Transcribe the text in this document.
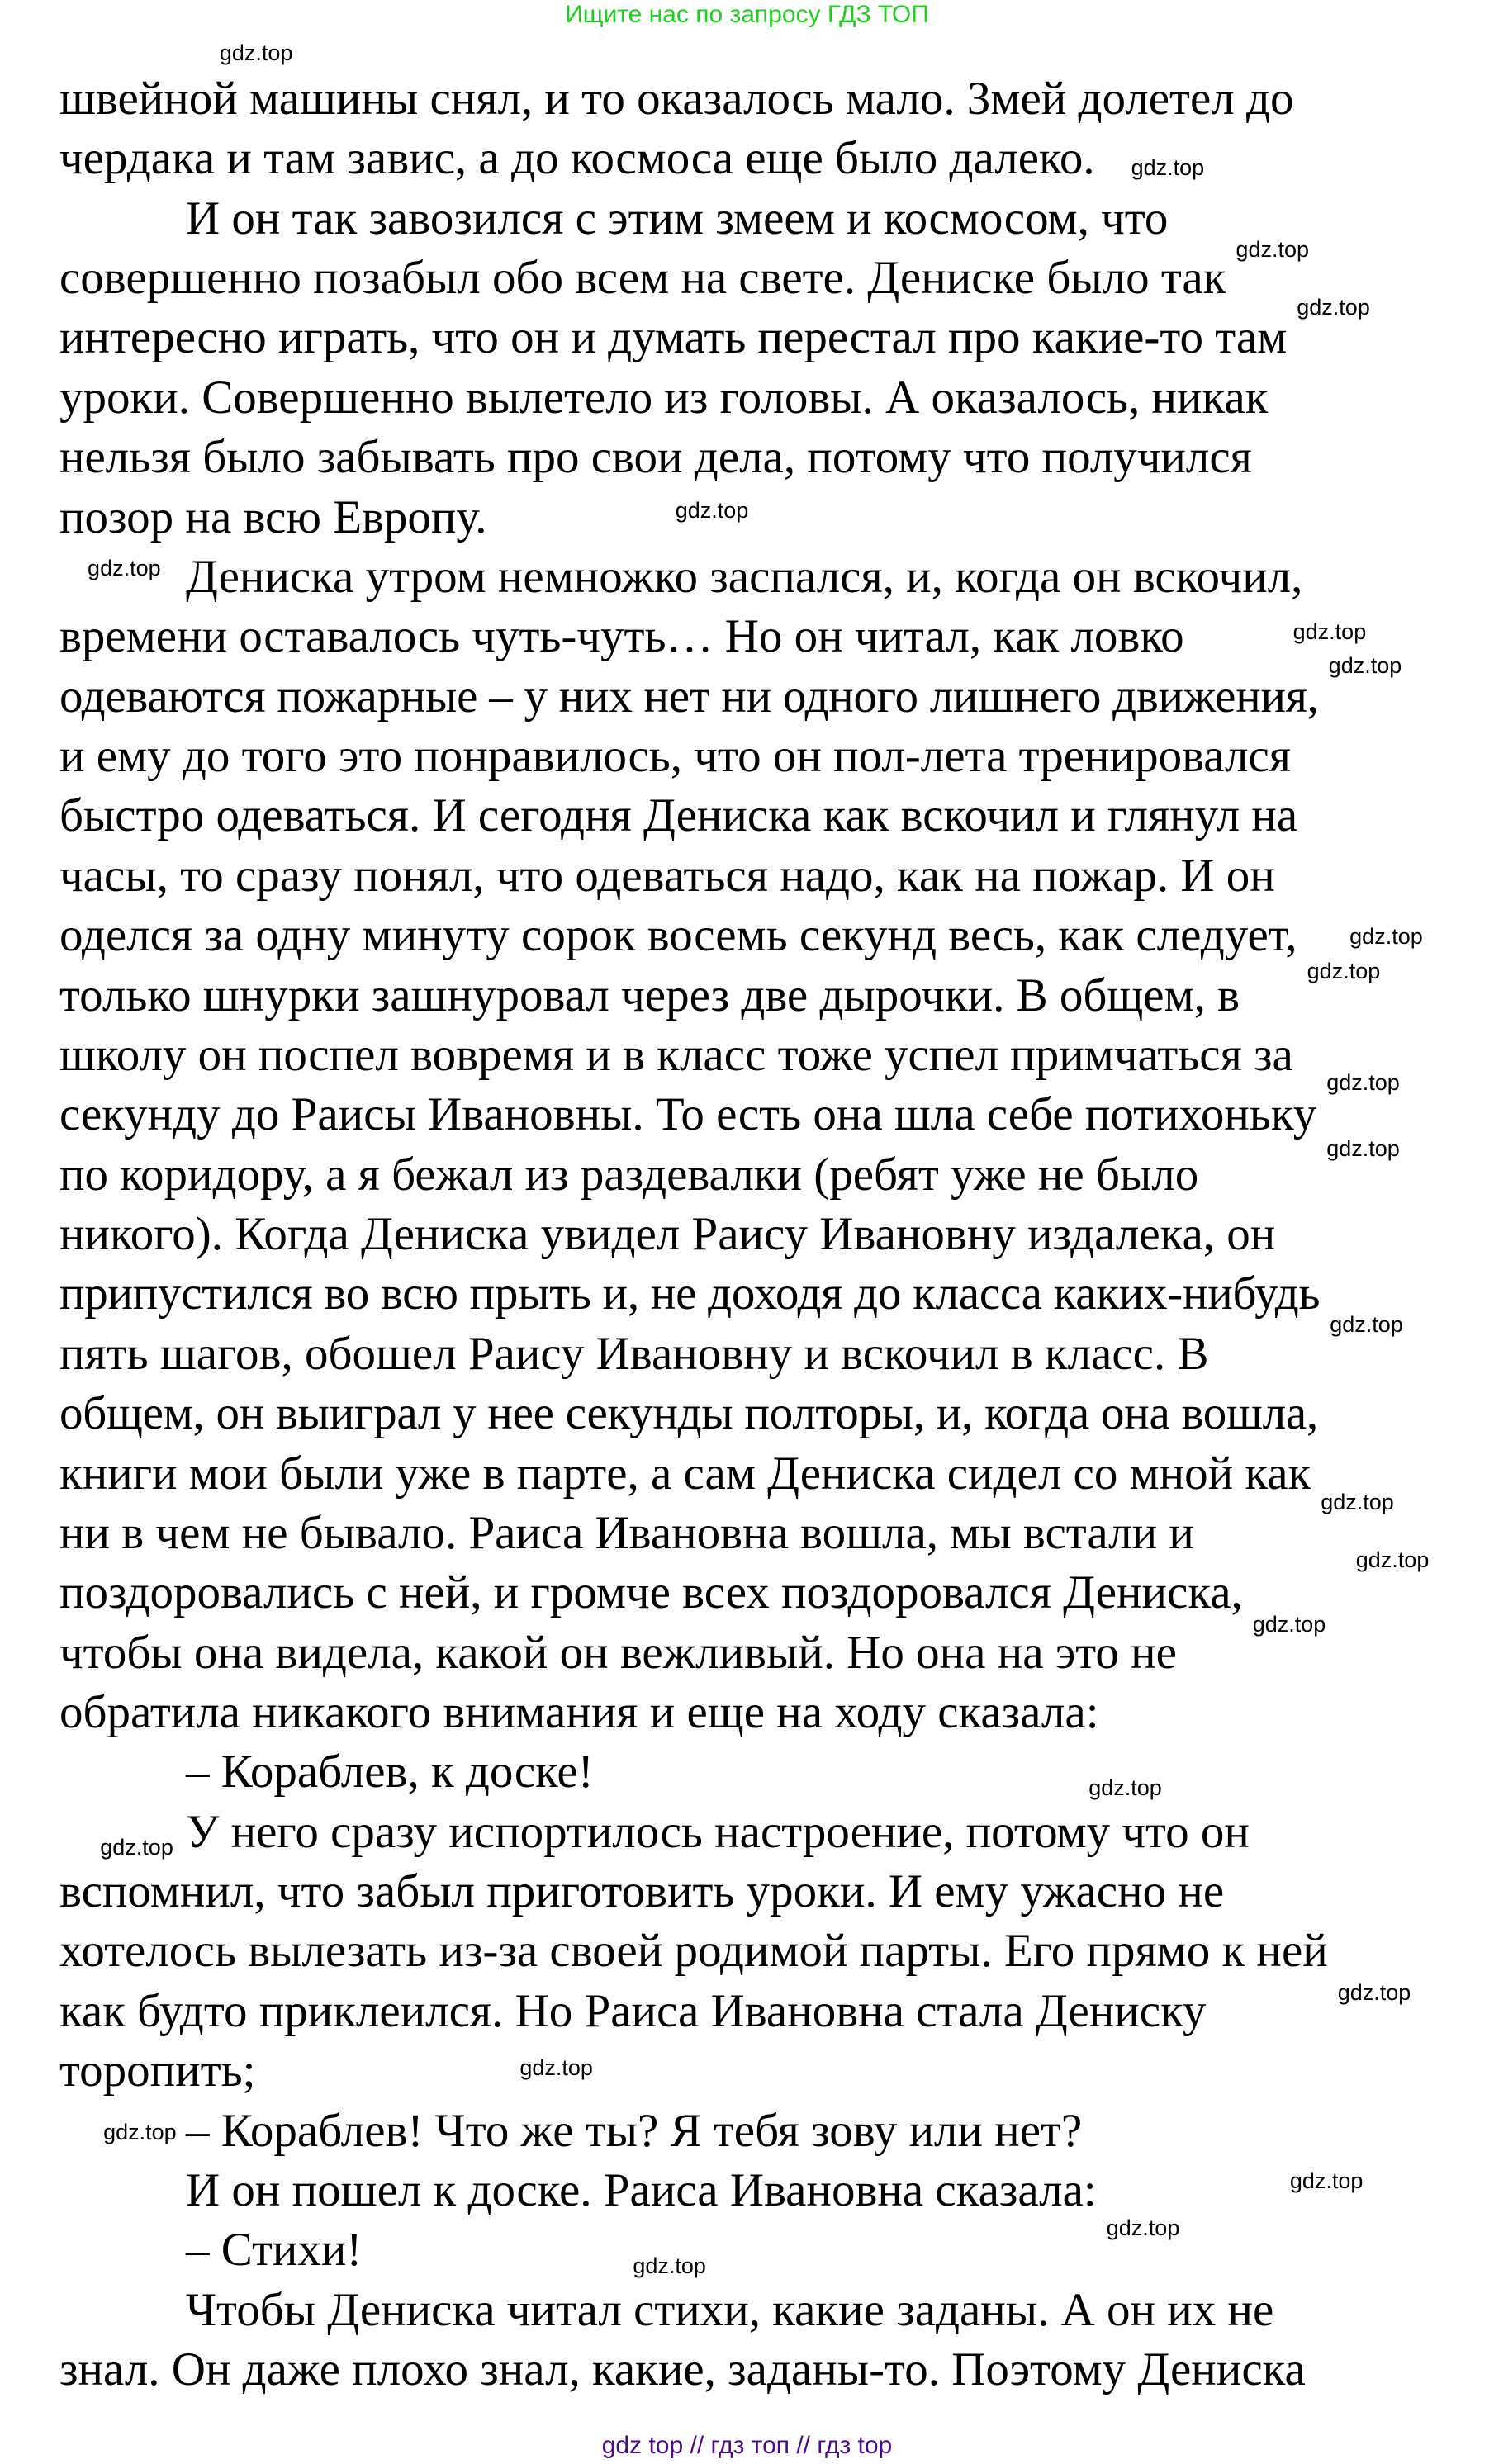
Ищите нас по запросу ГДЗ ТОП
швейной машины снял, и то оказалось мало. Змей долетел до
чердака и там завис, а до космоса еще было далеко.
И он так завозился с этим змеем и космосом, что
совершенно позабыл обо всем на свете. Дениске было так
интересно играть, что он и думать перестал про какие-то там
уроки. Совершенно вылетело из головы. А оказалось, никак
нельзя было забывать про свои дела, потому что получился
позор на всю Европу.
Дениска утром немножко заспался, и, когда он вскочил,
времени оставалось чуть-чуть… Но он читал, как ловко
одеваются пожарные – у них нет ни одного лишнего движения,
и ему до того это понравилось, что он пол-лета тренировался
быстро одеваться. И сегодня Дениска как вскочил и глянул на
часы, то сразу понял, что одеваться надо, как на пожар. И он
оделся за одну минуту сорок восемь секунд весь, как следует,
только шнурки зашнуровал через две дырочки. В общем, в
школу он поспел вовремя и в класс тоже успел примчаться за
секунду до Раисы Ивановны. То есть она шла себе потихоньку
по коридору, а я бежал из раздевалки (ребят уже не было
никого). Когда Дениска увидел Раису Ивановну издалека, он
припустился во всю прыть и, не доходя до класса каких-нибудь
пять шагов, обошел Раису Ивановну и вскочил в класс. В
общем, он выиграл у нее секунды полторы, и, когда она вошла,
книги мои были уже в парте, а сам Дениска сидел со мной как
ни в чем не бывало. Раиса Ивановна вошла, мы встали и
поздоровались с ней, и громче всех поздоровался Дениска,
чтобы она видела, какой он вежливый. Но она на это не
обратила никакого внимания и еще на ходу сказала:
– Кораблев, к доске!
У него сразу испортилось настроение, потому что он
вспомнил, что забыл приготовить уроки. И ему ужасно не
хотелось вылезать из-за своей родимой парты. Его прямо к ней
как будто приклеился. Но Раиса Ивановна стала Дениску
торопить;
– Кораблев! Что же ты? Я тебя зову или нет?
И он пошел к доске. Раиса Ивановна сказала:
– Стихи!
Чтобы Дениска читал стихи, какие заданы. А он их не
знал. Он даже плохо знал, какие, заданы-то. Поэтому Дениска
gdz.top
gdz.top
gdz.top
gdz.top
gdz.top
gdz.top
gdz.top
gdz.top
gdz.top
gdz.top
gdz.top
gdz.top
gdz.top
gdz.top
gdz.top
gdz.top
gdz.top
gdz.top
gdz.top
gdz.top
gdz.top
gdz.top
gdz.top
gdz.top
gdz top // гдз топ // гдз top
